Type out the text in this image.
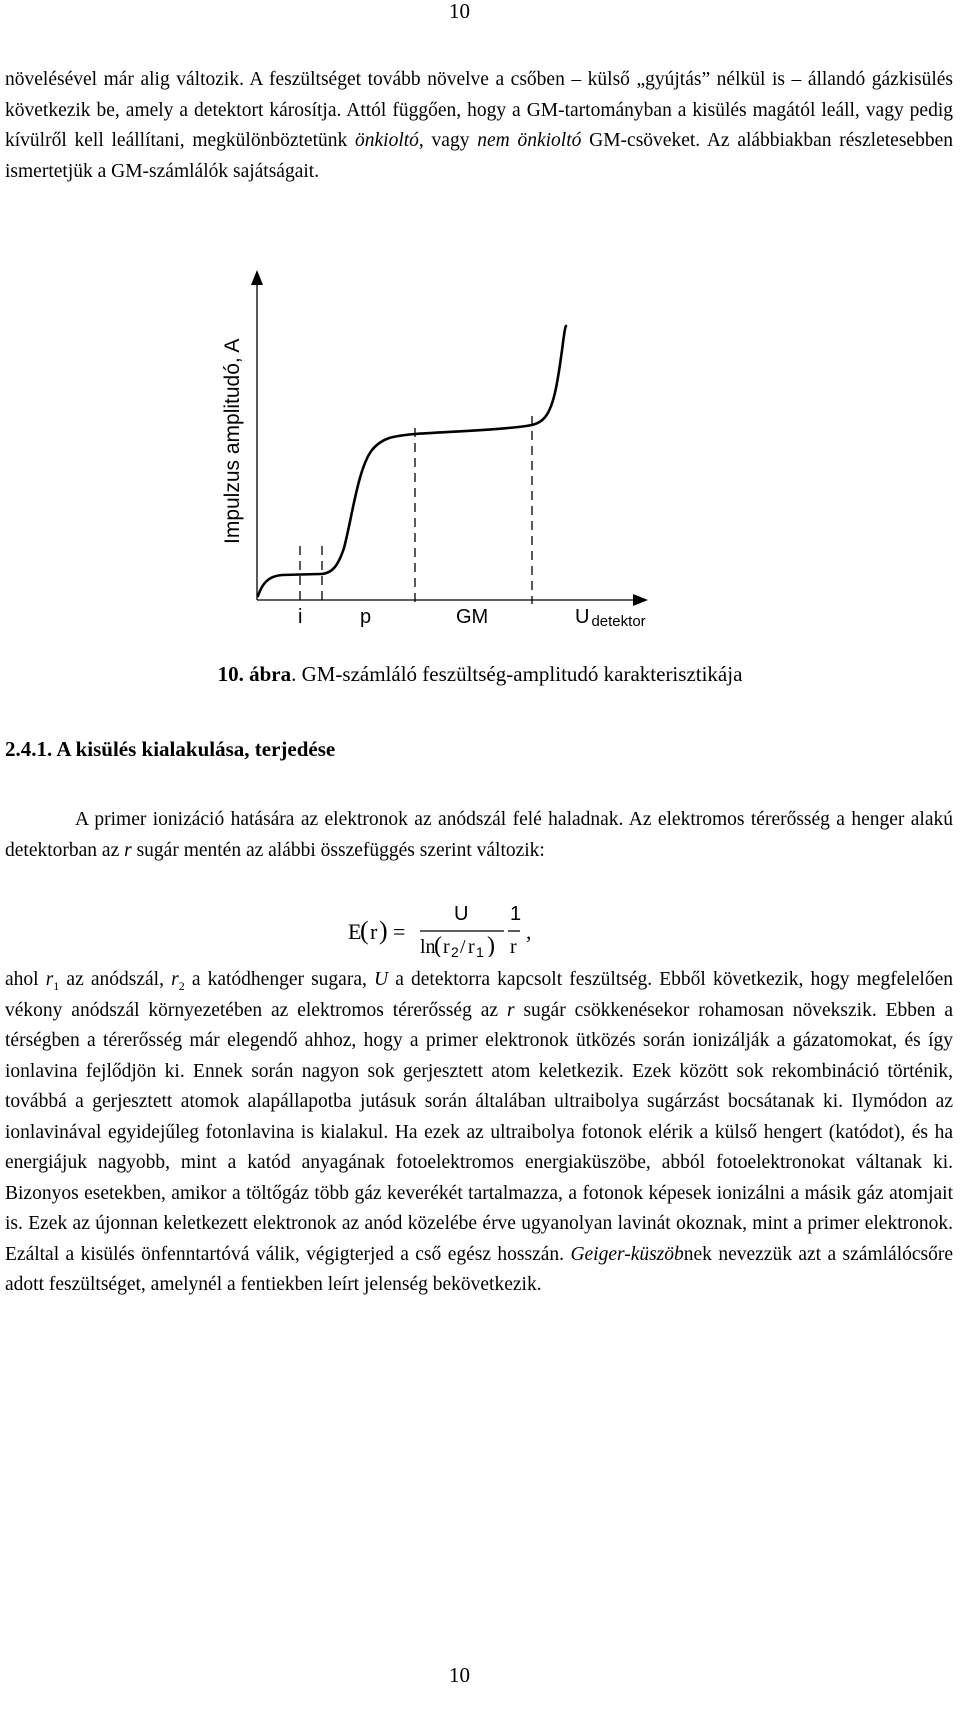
10
növelésével már alig változik. A feszültséget tovább növelve a csőben – külső „gyújtás” nélkül is – állandó gázkisülés következik be, amely a detektort károsítja. Attól függően, hogy a GM-tartományban a kisülés magától leáll, vagy pedig kívülről kell leállítani, megkülönböztetünk önkioltó, vagy nem önkioltó GM-csöveket. Az alábbiakban részletesebben ismertetjük a GM-számlálók sajátságait.
Impulzus amplitudó, A
i	p	GM	U detektor
10. ábra. GM-számláló feszültség-amplitudó karakterisztikája
2.4.1. A kisülés kialakulása, terjedése
A primer ionizáció hatására az elektronok az anódszál felé haladnak. Az elektromos térerősség a henger alakú detektorban az r sugár mentén az alábbi összefüggés szerint változik:
E
( r ) =
U 1
ln
( r 2 / r 1 ) r
,
ahol $r_1$ az anódszál, $r_2$ a katódhenger sugara, U a detektorra kapcsolt feszültség. Ebből következik, hogy megfelelően vékony anódszál környezetében az elektromos térerősség az r sugár csökkenésekor rohamosan növekszik. Ebben a térségben a térerősség már elegendő ahhoz, hogy a primer elektronok ütközés során ionizálják a gázatomokat, és így ionlavina fejlődjön ki. Ennek során nagyon sok gerjesztett atom keletkezik. Ezek között sok rekombináció történik, továbbá a gerjesztett atomok alapállapotba jutásuk során általában ultraibolya sugárzást bocsátanak ki. Ilymódon az ionlavinával egyidejűleg fotonlavina is kialakul. Ha ezek az ultraibolya fotonok elérik a külső hengert (katódot), és ha energiájuk nagyobb, mint a katód anyagának fotoelektromos energiaküszöbe, abból fotoelektronokat váltanak ki. Bizonyos esetekben, amikor a töltőgáz több gáz keverékét tartalmazza, a fotonok képesek ionizálni a másik gáz atomjait is. Ezek az újonnan keletkezett elektronok az anód közelébe érve ugyanolyan lavinát okoznak, mint a primer elektronok. Ezáltal a kisülés önfenntartóvá válik, végigterjed a cső egész hosszán. Geiger-küszöbnek nevezzük azt a számlálócsőre adott feszültséget, amelynél a fentiekben leírt jelenség bekövetkezik.
10
